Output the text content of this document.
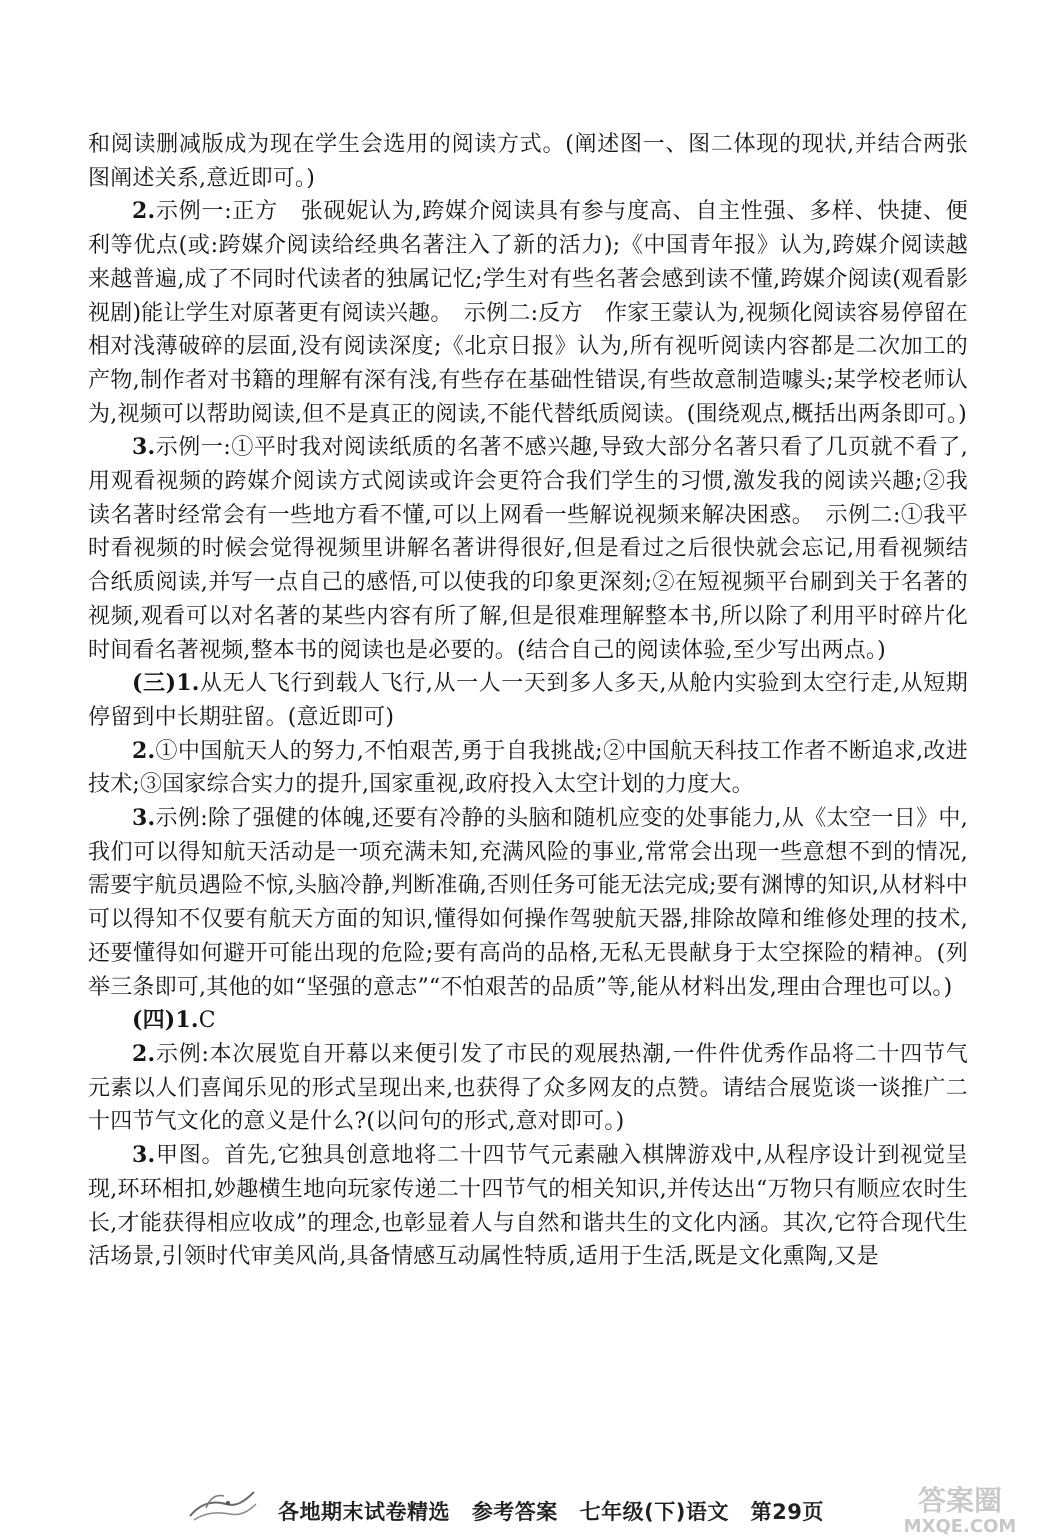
和阅读删减版成为现在学生会选用的阅读方式。(阐述图一、图二体现的现状,并结合两张图阐述关系,意近即可。)

2.示例一:正方　张砚妮认为,跨媒介阅读具有参与度高、自主性强、多样、快捷、便利等优点(或:跨媒介阅读给经典名著注入了新的活力);《中国青年报》认为,跨媒介阅读越来越普遍,成了不同时代读者的独属记忆;学生对有些名著会感到读不懂,跨媒介阅读(观看影视剧)能让学生对原著更有阅读兴趣。　示例二:反方　作家王蒙认为,视频化阅读容易停留在相对浅薄破碎的层面,没有阅读深度;《北京日报》认为,所有视听阅读内容都是二次加工的产物,制作者对书籍的理解有深有浅,有些存在基础性错误,有些故意制造噱头;某学校老师认为,视频可以帮助阅读,但不是真正的阅读,不能代替纸质阅读。(围绕观点,概括出两条即可。)

3.示例一:①平时我对阅读纸质的名著不感兴趣,导致大部分名著只看了几页就不看了,用观看视频的跨媒介阅读方式阅读或许会更符合我们学生的习惯,激发我的阅读兴趣;②我读名著时经常会有一些地方看不懂,可以上网看一些解说视频来解决困惑。　示例二:①我平时看视频的时候会觉得视频里讲解名著讲得很好,但是看过之后很快就会忘记,用看视频结合纸质阅读,并写一点自己的感悟,可以使我的印象更深刻;②在短视频平台刷到关于名著的视频,观看可以对名著的某些内容有所了解,但是很难理解整本书,所以除了利用平时碎片化时间看名著视频,整本书的阅读也是必要的。(结合自己的阅读体验,至少写出两点。)

(三)1.从无人飞行到载人飞行,从一人一天到多人多天,从舱内实验到太空行走,从短期停留到中长期驻留。(意近即可)

2.①中国航天人的努力,不怕艰苦,勇于自我挑战;②中国航天科技工作者不断追求,改进技术;③国家综合实力的提升,国家重视,政府投入太空计划的力度大。

3.示例:除了强健的体魄,还要有冷静的头脑和随机应变的处事能力,从《太空一日》中,我们可以得知航天活动是一项充满未知,充满风险的事业,常常会出现一些意想不到的情况,需要宇航员遇险不惊,头脑冷静,判断准确,否则任务可能无法完成;要有渊博的知识,从材料中可以得知不仅要有航天方面的知识,懂得如何操作驾驶航天器,排除故障和维修处理的技术,还要懂得如何避开可能出现的危险;要有高尚的品格,无私无畏献身于太空探险的精神。(列举三条即可,其他的如“坚强的意志”“不怕艰苦的品质”等,能从材料出发,理由合理也可以。)

(四)1.C

2.示例:本次展览自开幕以来便引发了市民的观展热潮,一件件优秀作品将二十四节气元素以人们喜闻乐见的形式呈现出来,也获得了众多网友的点赞。请结合展览谈一谈推广二十四节气文化的意义是什么?(以问句的形式,意对即可。)

3.甲图。首先,它独具创意地将二十四节气元素融入棋牌游戏中,从程序设计到视觉呈现,环环相扣,妙趣横生地向玩家传递二十四节气的相关知识,并传达出“万物只有顺应农时生长,才能获得相应收成”的理念,也彰显着人与自然和谐共生的文化内涵。其次,它符合现代生活场景,引领时代审美风尚,具备情感互动属性特质,适用于生活,既是文化熏陶,又是

各地期末试卷精选 参考答案 七年级(下)语文 第29页	答案圈
MXQE.COM
